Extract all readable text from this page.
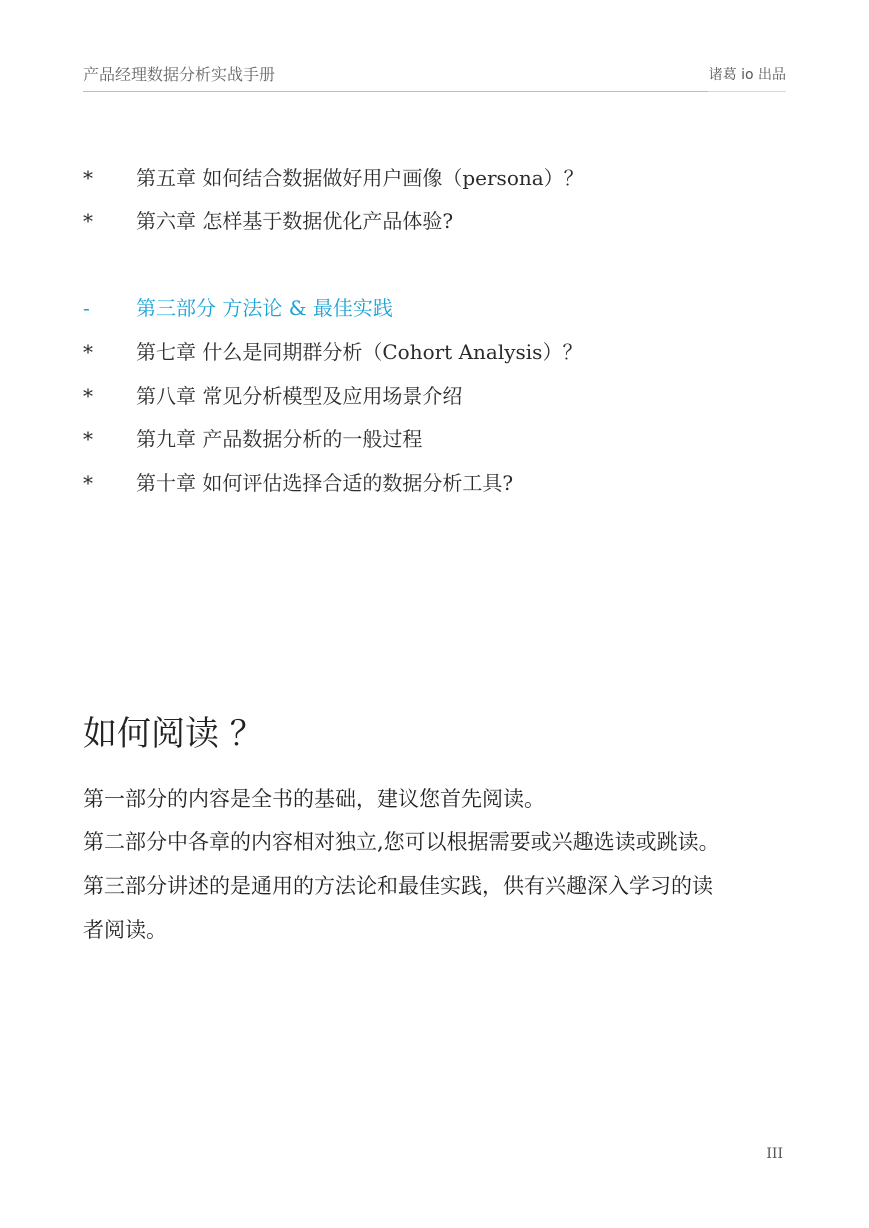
产品经理数据分析实战手册	诸葛 io 出品
*	第五章 如何结合数据做好用户画像（persona）？
*	第六章 怎样基于数据优化产品体验?
-	第三部分 方法论 & 最佳实践
*	第七章 什么是同期群分析（Cohort Analysis）？
*	第八章 常见分析模型及应用场景介绍
*	第九章 产品数据分析的一般过程
*	第十章 如何评估选择合适的数据分析工具?
如何阅读 ？
第一部分的内容是全书的基础，建议您首先阅读。
第二部分中各章的内容相对独立,您可以根据需要或兴趣选读或跳读。
第三部分讲述的是通用的方法论和最佳实践，供有兴趣深入学习的读
者阅读。
III
